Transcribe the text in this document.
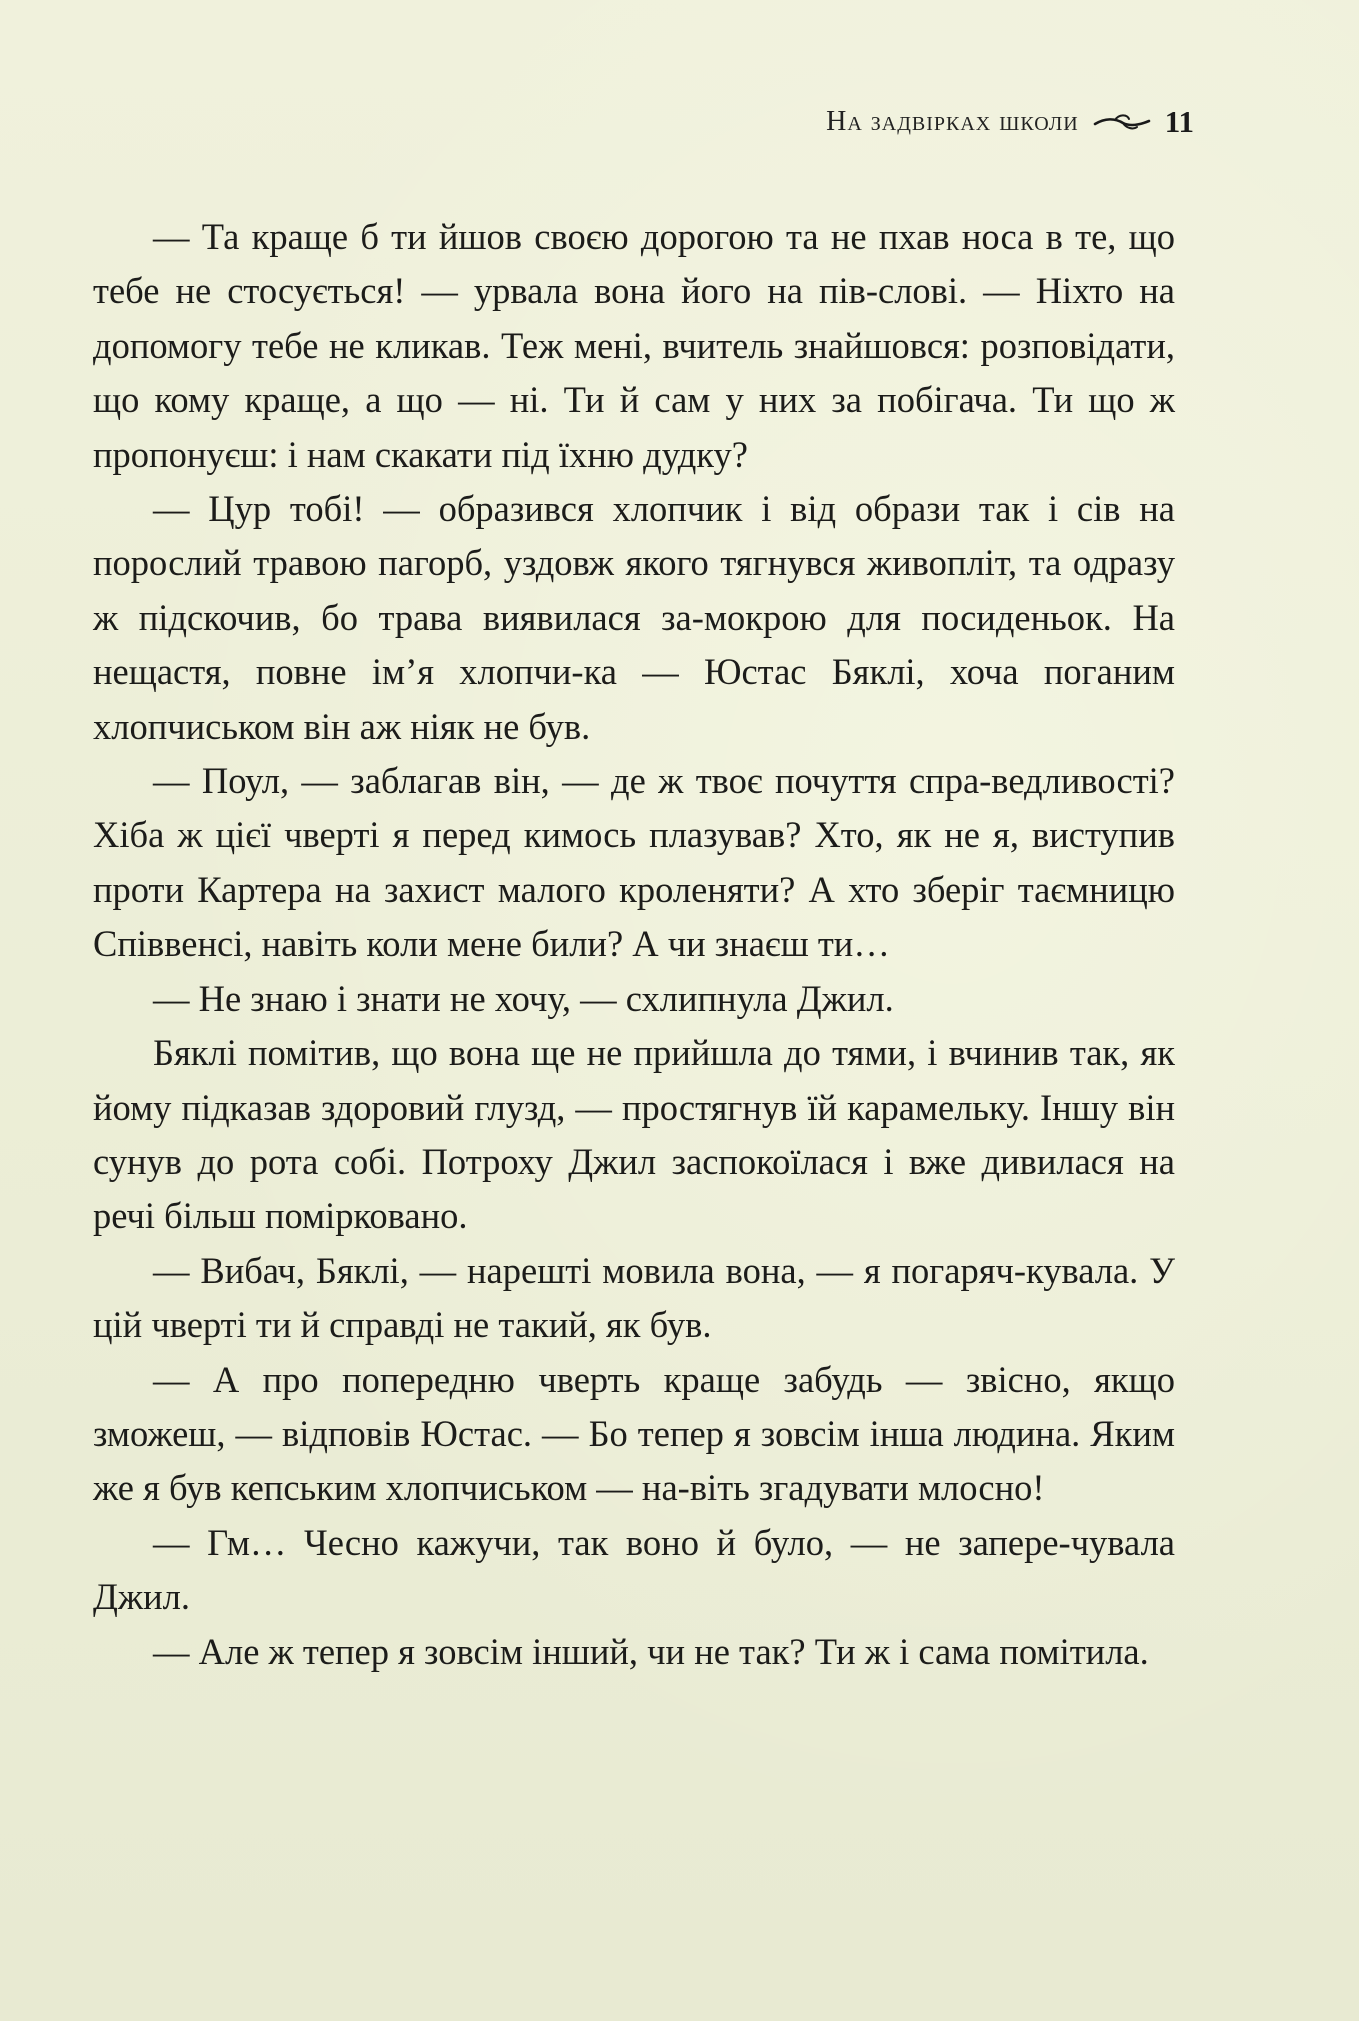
На задвірках школи	11

— Та краще б ти йшов своєю дорогою та не пхав носа в те, що тебе не стосується! — урвала вона його на пів-слові. — Ніхто на допомогу тебе не кликав. Теж мені, вчитель знайшовся: розповідати, що кому краще, а що — ні. Ти й сам у них за побігача. Ти що ж пропонуєш: і нам скакати під їхню дудку?

— Цур тобі! — образився хлопчик і від образи так і сів на порослий травою пагорб, уздовж якого тягнувся живопліт, та одразу ж підскочив, бо трава виявилася за-мокрою для посиденьок. На нещастя, повне ім’я хлопчи-ка — Юстас Бяклі, хоча поганим хлопчиськом він аж ніяк не був.

— Поул, — заблагав він, — де ж твоє почуття спра-ведливості? Хіба ж цієї чверті я перед кимось плазував? Хто, як не я, виступив проти Картера на захист малого кроленяти? А хто зберіг таємницю Співвенсі, навіть коли мене били? А чи знаєш ти…

— Не знаю і знати не хочу, — схлипнула Джил.

Бяклі помітив, що вона ще не прийшла до тями, і вчинив так, як йому підказав здоровий глузд, — простягнув їй карамельку. Іншу він сунув до рота собі. Потроху Джил заспокоїлася і вже дивилася на речі більш поміркованo.

— Вибач, Бяклі, — нарешті мовила вона, — я погаряч-кувала. У цій чверті ти й справді не такий, як був.

— А про попередню чверть краще забудь — звісно, якщо зможеш, — відповів Юстас. — Бо тепер я зовсім інша людина. Яким же я був кепським хлопчиськом — на-віть згадувати млосно!

— Гм… Чесно кажучи, так воно й було, — не запере-чувала Джил.

— Але ж тепер я зовсім інший, чи не так? Ти ж і сама помітила.
